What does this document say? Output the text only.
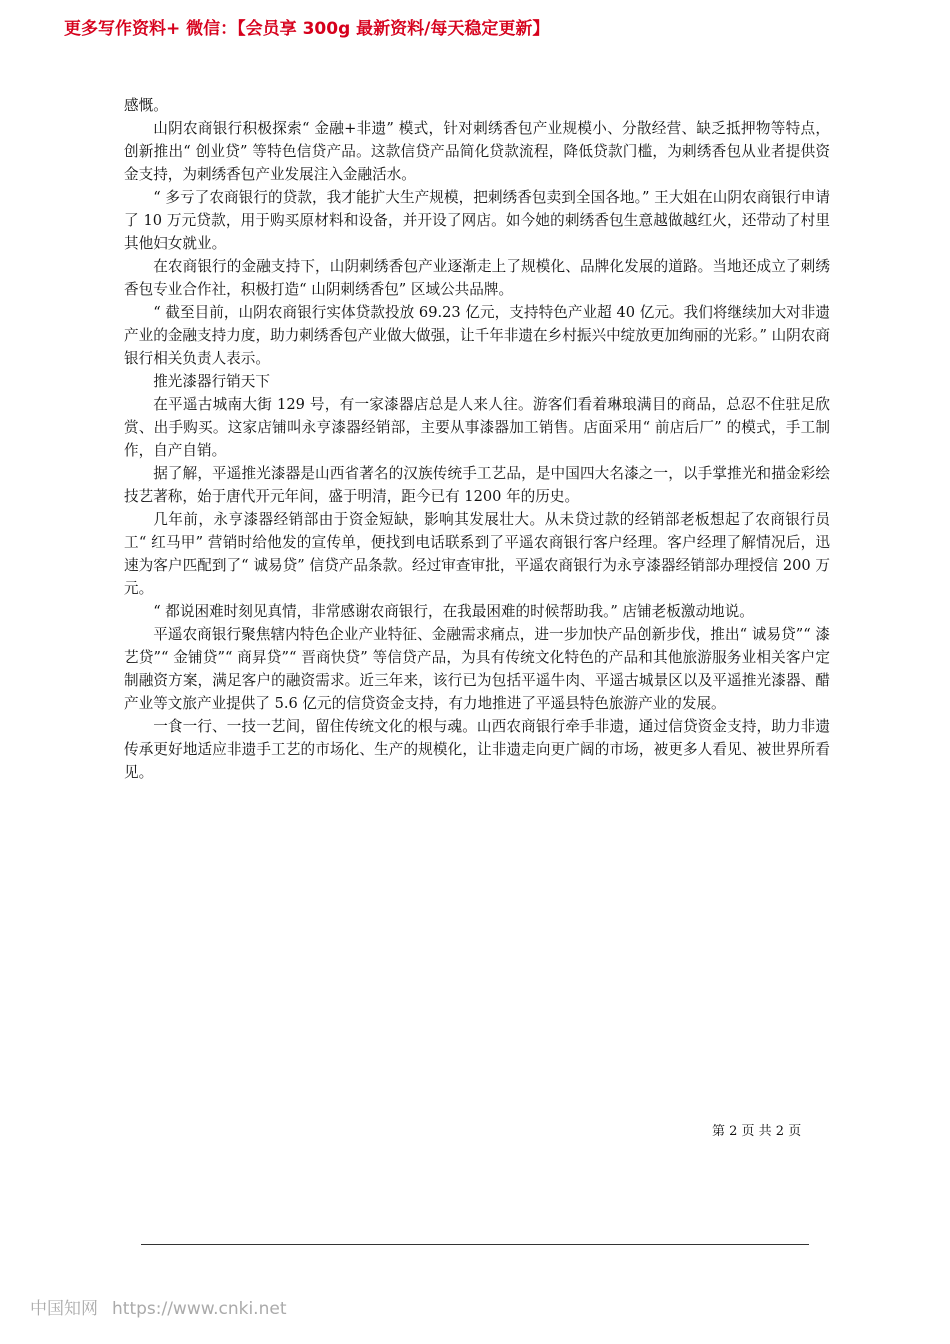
更多写作资料+ 微信：【会员享 300g 最新资料/每天稳定更新】

感慨。

山阴农商银行积极探索“ 金融+非遗” 模式，针对刺绣香包产业规模小、分散经营、缺乏抵押物等特点，创新推出“ 创业贷” 等特色信贷产品。这款信贷产品简化贷款流程，降低贷款门槛，为刺绣香包从业者提供资金支持，为刺绣香包产业发展注入金融活水。

“ 多亏了农商银行的贷款，我才能扩大生产规模，把刺绣香包卖到全国各地。” 王大姐在山阴农商银行申请了 10 万元贷款，用于购买原材料和设备，并开设了网店。如今她的刺绣香包生意越做越红火，还带动了村里其他妇女就业。

在农商银行的金融支持下，山阴刺绣香包产业逐渐走上了规模化、品牌化发展的道路。当地还成立了刺绣香包专业合作社，积极打造“ 山阴刺绣香包” 区域公共品牌。

“ 截至目前，山阴农商银行实体贷款投放 69.23 亿元，支持特色产业超 40 亿元。我们将继续加大对非遗产业的金融支持力度，助力刺绣香包产业做大做强，让千年非遗在乡村振兴中绽放更加绚丽的光彩。” 山阴农商银行相关负责人表示。

推光漆器行销天下

在平遥古城南大街 129 号，有一家漆器店总是人来人往。游客们看着琳琅满目的商品，总忍不住驻足欣赏、出手购买。这家店铺叫永亨漆器经销部，主要从事漆器加工销售。店面采用“ 前店后厂” 的模式，手工制作，自产自销。

据了解，平遥推光漆器是山西省著名的汉族传统手工艺品，是中国四大名漆之一，以手掌推光和描金彩绘技艺著称，始于唐代开元年间，盛于明清，距今已有 1200 年的历史。

几年前，永亨漆器经销部由于资金短缺，影响其发展壮大。从未贷过款的经销部老板想起了农商银行员工“ 红马甲” 营销时给他发的宣传单，便找到电话联系到了平遥农商银行客户经理。客户经理了解情况后，迅速为客户匹配到了“ 诚易贷” 信贷产品条款。经过审查审批，平遥农商银行为永亨漆器经销部办理授信 200 万元。

“ 都说困难时刻见真情，非常感谢农商银行，在我最困难的时候帮助我。” 店铺老板激动地说。

平遥农商银行聚焦辖内特色企业产业特征、金融需求痛点，进一步加快产品创新步伐，推出“ 诚易贷”“ 漆艺贷”“ 金铺贷”“ 商昇贷”“ 晋商快贷” 等信贷产品，为具有传统文化特色的产品和其他旅游服务业相关客户定制融资方案，满足客户的融资需求。近三年来，该行已为包括平遥牛肉、平遥古城景区以及平遥推光漆器、醋产业等文旅产业提供了 5.6 亿元的信贷资金支持，有力地推进了平遥县特色旅游产业的发展。

一食一行、一技一艺间，留住传统文化的根与魂。山西农商银行牵手非遗，通过信贷资金支持，助力非遗传承更好地适应非遗手工艺的市场化、生产的规模化，让非遗走向更广阔的市场，被更多人看见、被世界所看见。

第 2 页 共 2 页
中国知网 https://www.cnki.net
